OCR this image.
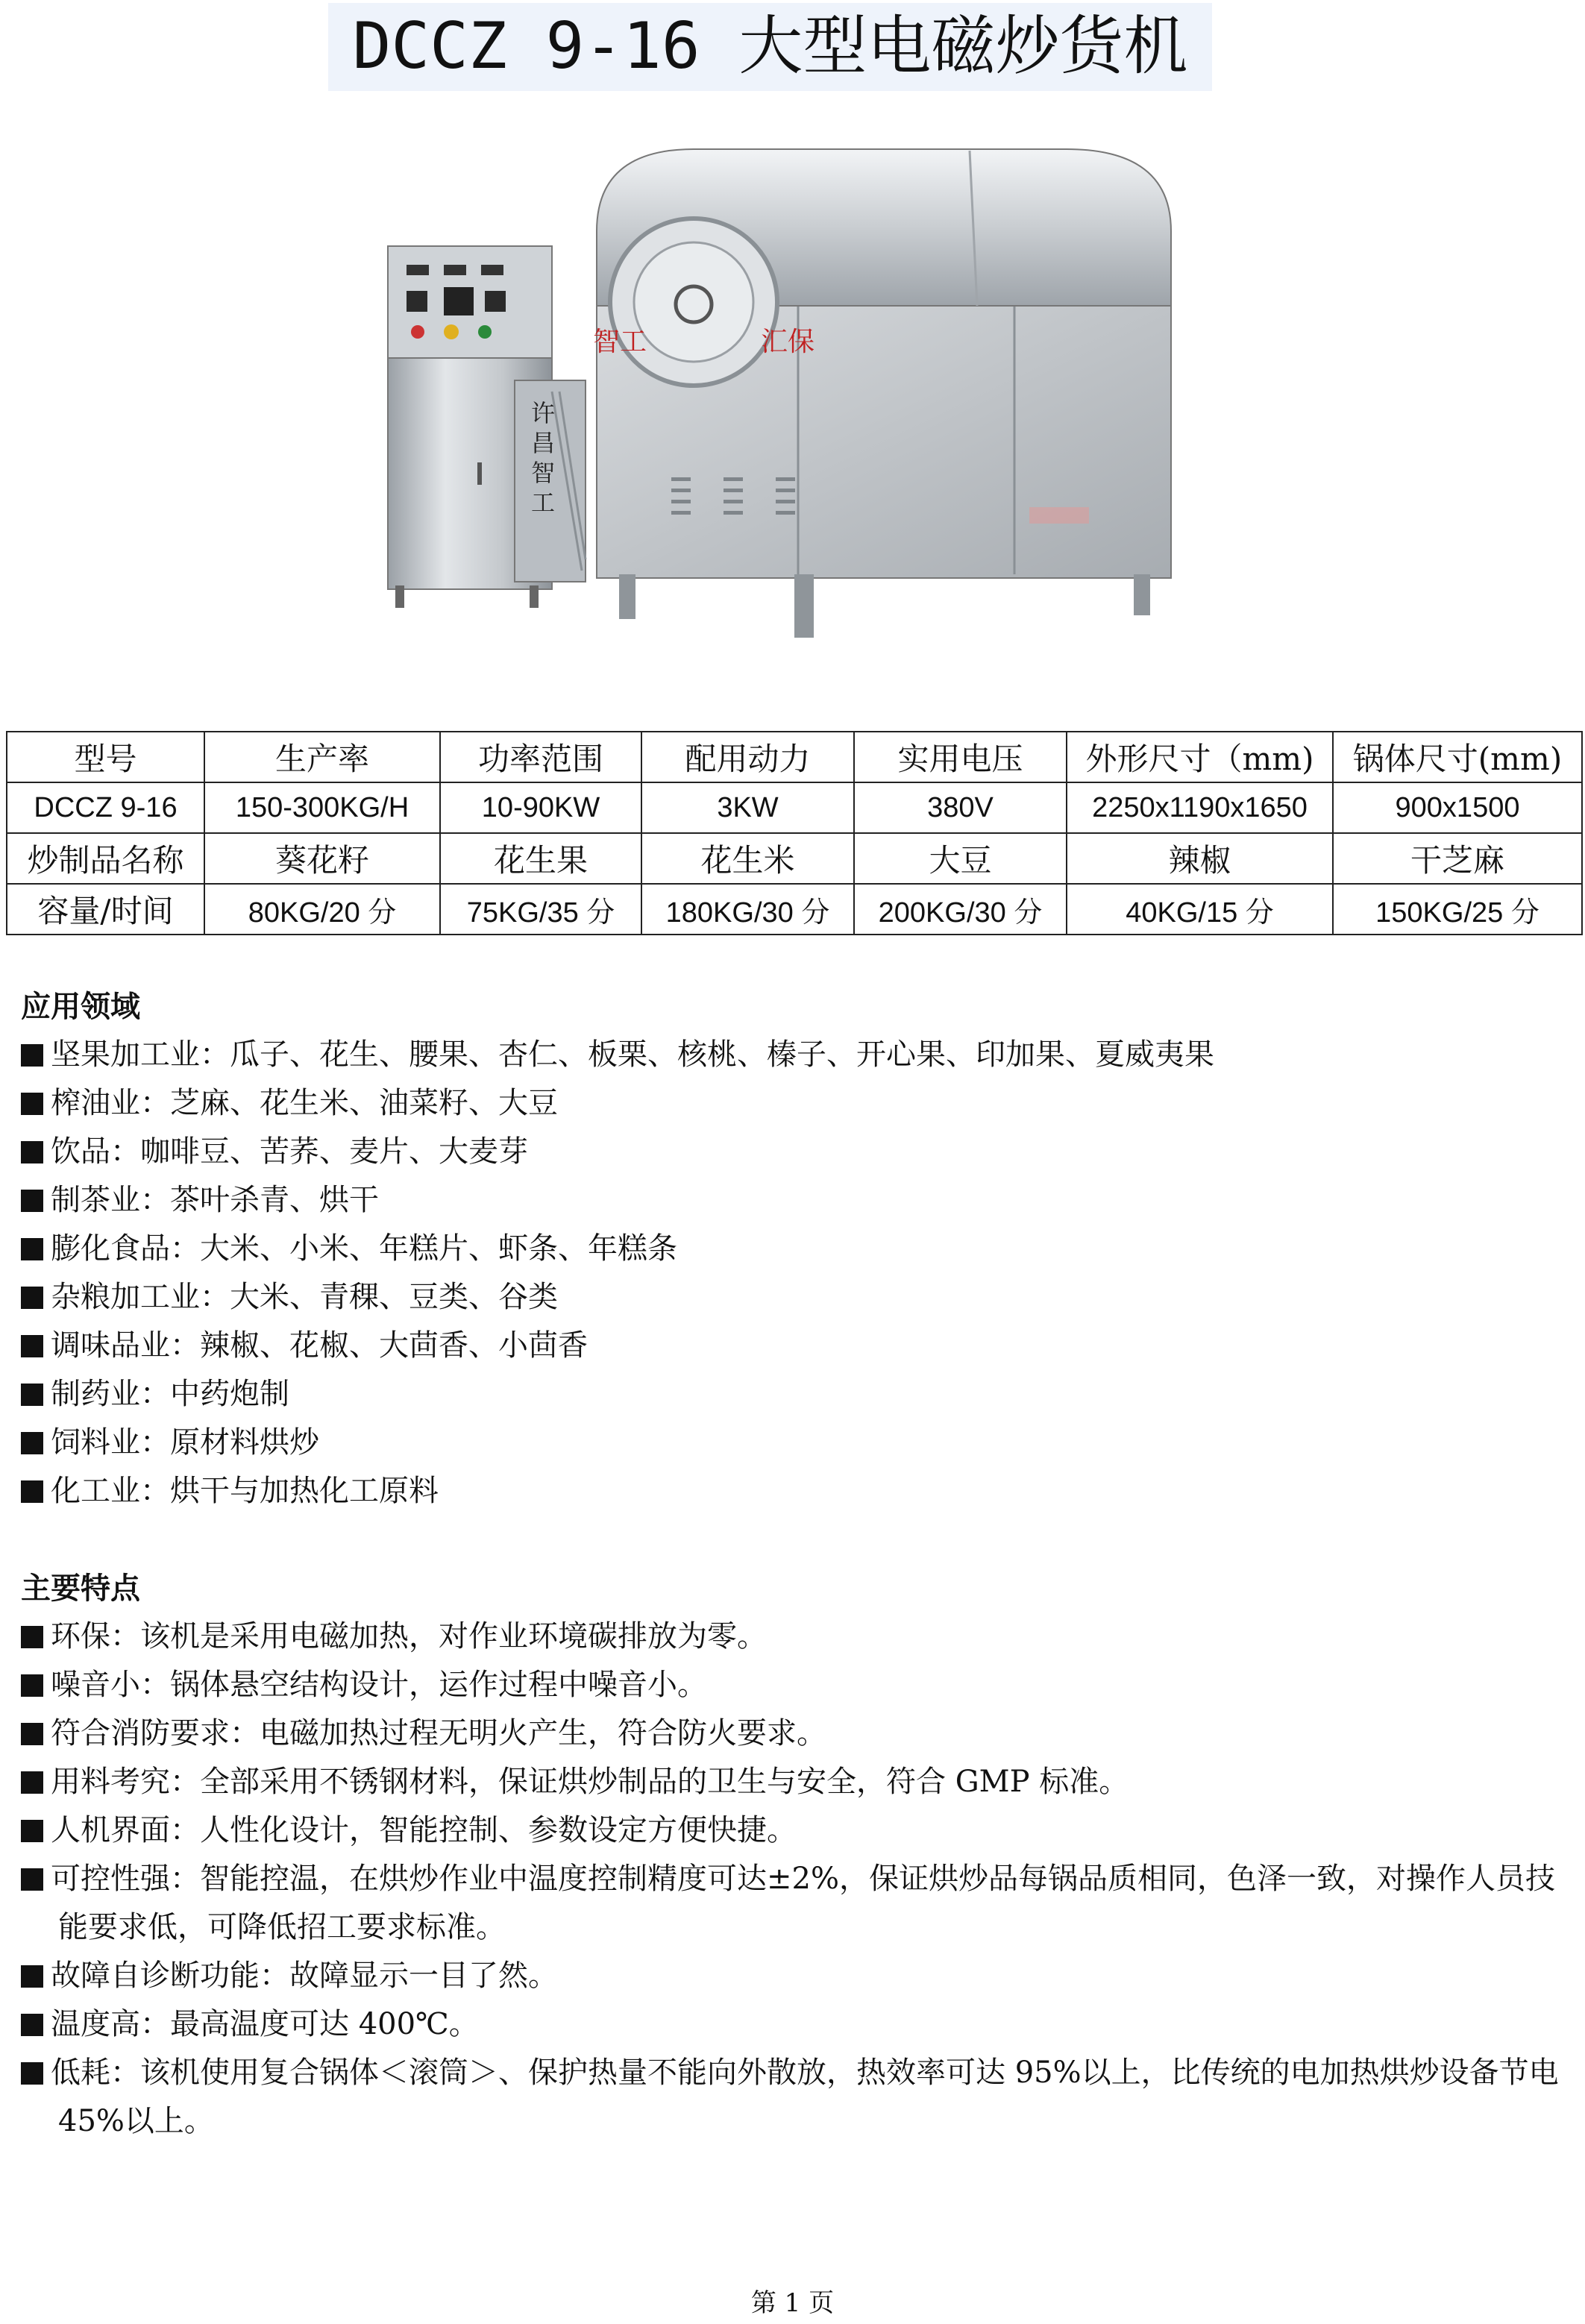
DCCZ 9-16 大型电磁炒货机
许
昌
智
工
智工	汇保
型号	生产率	功率范围	配用动力	实用电压	外形尺寸（mm)	锅体尺寸(mm)
DCCZ 9-16	150-300KG/H	10-90KW	3KW	380V	2250x1190x1650	900x1500
炒制品名称	葵花籽	花生果	花生米	大豆	辣椒	干芝麻
容量/时间	80KG/20 分	75KG/35 分	180KG/30 分	200KG/30 分	40KG/15 分	150KG/25 分
应用领域
坚果加工业：瓜子、花生、腰果、杏仁、板栗、核桃、榛子、开心果、印加果、夏威夷果
榨油业：芝麻、花生米、油菜籽、大豆
饮品：咖啡豆、苦荞、麦片、大麦芽
制茶业：茶叶杀青、烘干
膨化食品：大米、小米、年糕片、虾条、年糕条
杂粮加工业：大米、青稞、豆类、谷类
调味品业：辣椒、花椒、大茴香、小茴香
制药业：中药炮制
饲料业：原材料烘炒
化工业：烘干与加热化工原料
主要特点
环保：该机是采用电磁加热，对作业环境碳排放为零。
噪音小：锅体悬空结构设计，运作过程中噪音小。
符合消防要求：电磁加热过程无明火产生，符合防火要求。
用料考究：全部采用不锈钢材料，保证烘炒制品的卫生与安全，符合 GMP 标准。
人机界面：人性化设计，智能控制、参数设定方便快捷。
可控性强：智能控温，在烘炒作业中温度控制精度可达±2%，保证烘炒品每锅品质相同，色泽一致，对操作人员技能要求低，可降低招工要求标准。
故障自诊断功能：故障显示一目了然。
温度高：最高温度可达 400℃。
低耗：该机使用复合锅体＜滚筒＞、保护热量不能向外散放，热效率可达 95%以上，比传统的电加热烘炒设备节电 45%以上。
第 1 页
